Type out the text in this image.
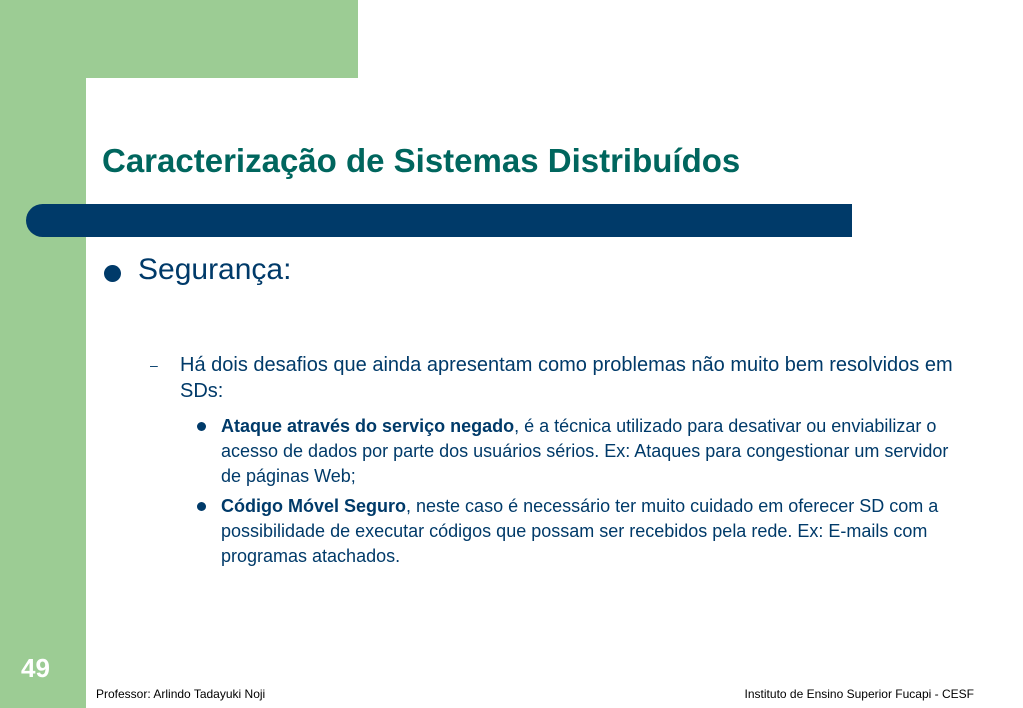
Caracterização de Sistemas Distribuídos
Segurança:
– Há dois desafios que ainda apresentam como problemas não muito bem resolvidos em SDs:
Ataque através do serviço negado, é a técnica utilizado para desativar ou enviabilizar o acesso de dados por parte dos usuários sérios. Ex: Ataques para congestionar um servidor de páginas Web;
Código Móvel Seguro, neste caso é necessário ter muito cuidado em oferecer SD com a possibilidade de executar códigos que possam ser recebidos pela rede. Ex: E-mails com programas atachados.
49
Professor: Arlindo Tadayuki Noji	Instituto de Ensino Superior Fucapi - CESF
